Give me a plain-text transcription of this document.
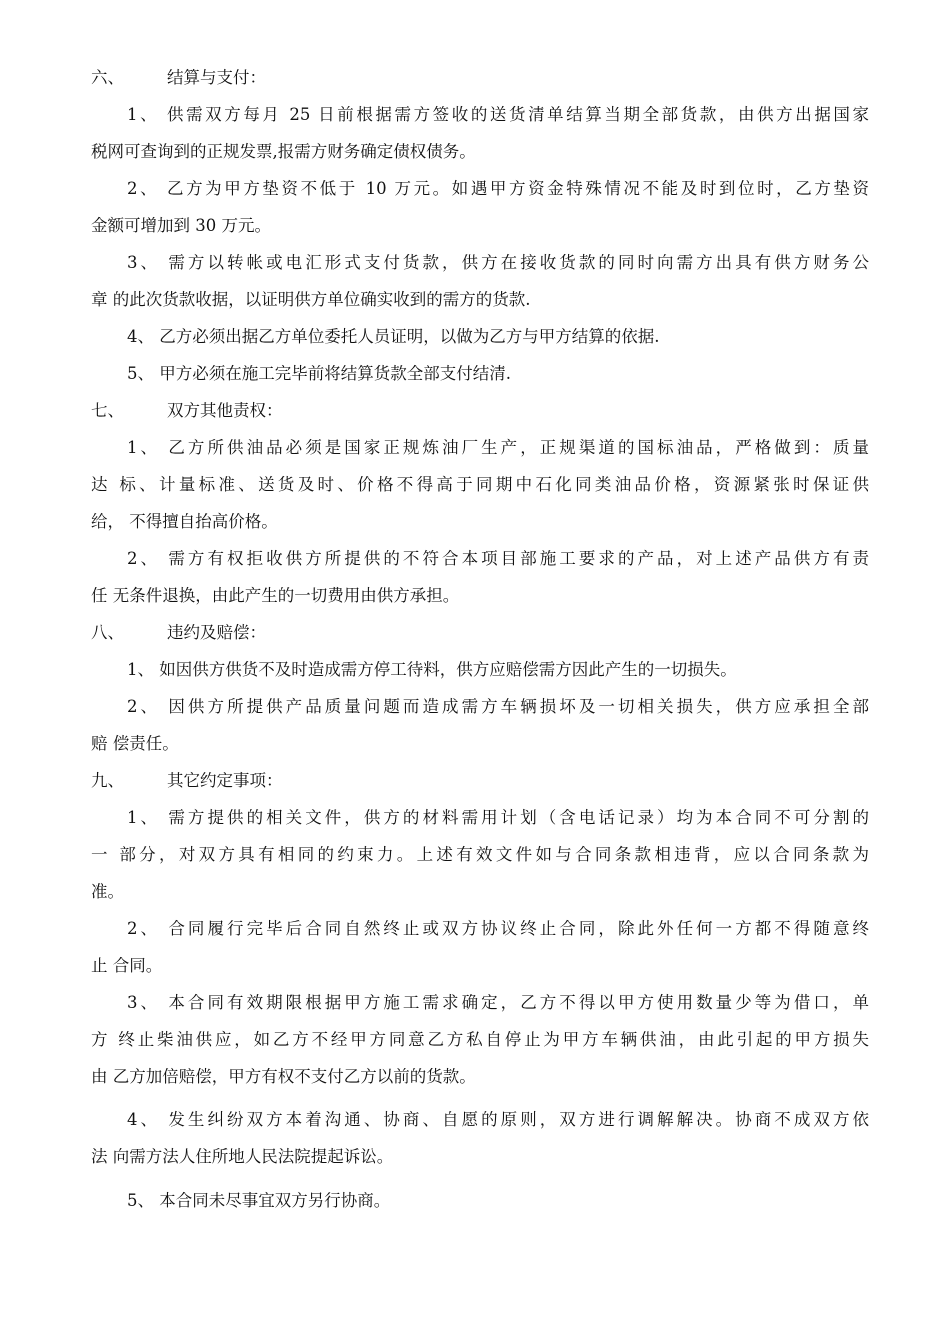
六、	结算与支付：
1、 供需双方每月 25 日前根据需方签收的送货清单结算当期全部货款，由供方出据国家
税网可查询到的正规发票,报需方财务确定债权债务。
2、 乙方为甲方垫资不低于 10 万元。如遇甲方资金特殊情况不能及时到位时，乙方垫资
金额可增加到 30 万元。
3、 需方以转帐或电汇形式支付货款，供方在接收货款的同时向需方出具有供方财务公
章 的此次货款收据，以证明供方单位确实收到的需方的货款.
4、 乙方必须出据乙方单位委托人员证明，以做为乙方与甲方结算的依据.
5、 甲方必须在施工完毕前将结算货款全部支付结清.
七、	双方其他责权：
1、 乙方所供油品必须是国家正规炼油厂生产，正规渠道的国标油品，严格做到：质量
达 标、计量标准、送货及时、价格不得高于同期中石化同类油品价格，资源紧张时保证供
给， 不得擅自抬高价格。
2、 需方有权拒收供方所提供的不符合本项目部施工要求的产品，对上述产品供方有责
任 无条件退换，由此产生的一切费用由供方承担。
八、	违约及赔偿：
1、 如因供方供货不及时造成需方停工待料，供方应赔偿需方因此产生的一切损失。
2、 因供方所提供产品质量问题而造成需方车辆损坏及一切相关损失，供方应承担全部
赔 偿责任。
九、	其它约定事项：
1、 需方提供的相关文件，供方的材料需用计划（含电话记录）均为本合同不可分割的
一 部分，对双方具有相同的约束力。上述有效文件如与合同条款相违背，应以合同条款为
准。
2、 合同履行完毕后合同自然终止或双方协议终止合同，除此外任何一方都不得随意终
止 合同。
3、 本合同有效期限根据甲方施工需求确定，乙方不得以甲方使用数量少等为借口，单
方 终止柴油供应，如乙方不经甲方同意乙方私自停止为甲方车辆供油，由此引起的甲方损失
由 乙方加倍赔偿，甲方有权不支付乙方以前的货款。
4、 发生纠纷双方本着沟通、协商、自愿的原则，双方进行调解解决。协商不成双方依
法 向需方法人住所地人民法院提起诉讼。
5、 本合同未尽事宜双方另行协商。
